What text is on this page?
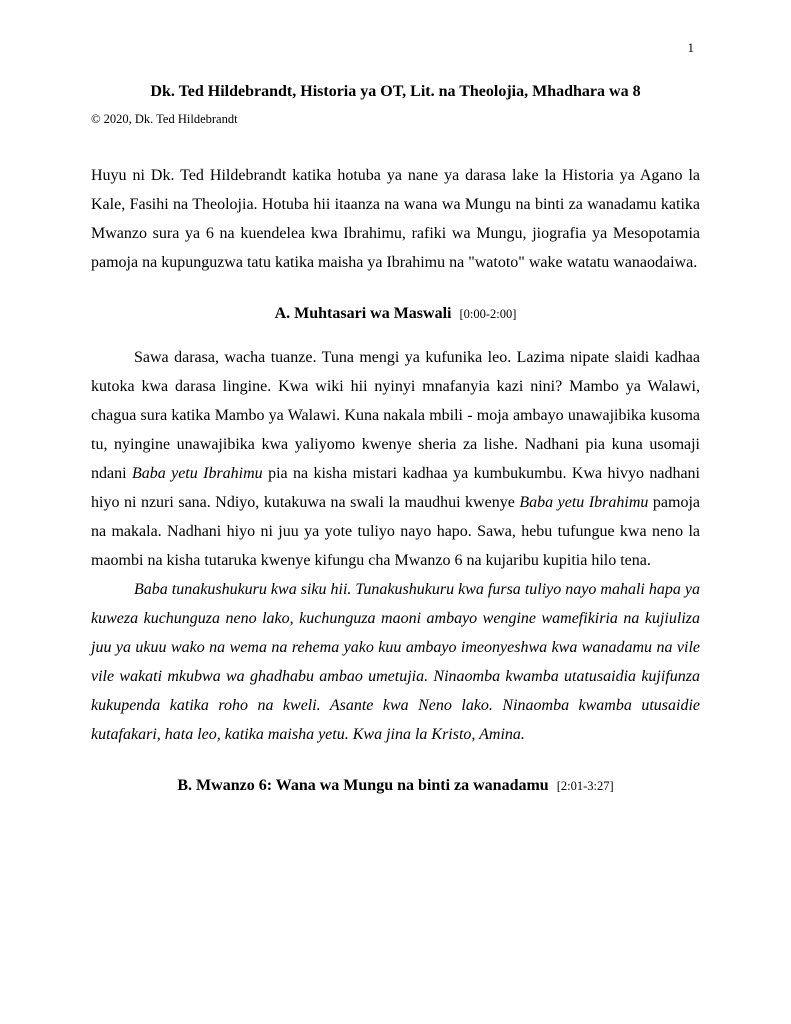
1
Dk. Ted Hildebrandt, Historia ya OT, Lit. na Theolojia, Mhadhara wa 8
© 2020, Dk. Ted Hildebrandt

Huyu ni Dk. Ted Hildebrandt katika hotuba ya nane ya darasa lake la Historia ya Agano la Kale, Fasihi na Theolojia. Hotuba hii itaanza na wana wa Mungu na binti za wanadamu katika Mwanzo sura ya 6 na kuendelea kwa Ibrahimu, rafiki wa Mungu, jiografia ya Mesopotamia pamoja na kupunguzwa tatu katika maisha ya Ibrahimu na "watoto" wake watatu wanaodaiwa.

A. Muhtasari wa Maswali [0:00-2:00]

Sawa darasa, wacha tuanze. Tuna mengi ya kufunika leo. Lazima nipate slaidi kadhaa kutoka kwa darasa lingine. Kwa wiki hii nyinyi mnafanyia kazi nini? Mambo ya Walawi, chagua sura katika Mambo ya Walawi. Kuna nakala mbili - moja ambayo unawajibika kusoma tu, nyingine unawajibika kwa yaliyomo kwenye sheria za lishe. Nadhani pia kuna usomaji ndani Baba yetu Ibrahimu pia na kisha mistari kadhaa ya kumbukumbu. Kwa hivyo nadhani hiyo ni nzuri sana. Ndiyo, kutakuwa na swali la maudhui kwenye Baba yetu Ibrahimu pamoja na makala. Nadhani hiyo ni juu ya yote tuliyo nayo hapo. Sawa, hebu tufungue kwa neno la maombi na kisha tutaruka kwenye kifungu cha Mwanzo 6 na kujaribu kupitia hilo tena.

Baba tunakushukuru kwa siku hii. Tunakushukuru kwa fursa tuliyo nayo mahali hapa ya kuweza kuchunguza neno lako, kuchunguza maoni ambayo wengine wamefikiria na kujiuliza juu ya ukuu wako na wema na rehema yako kuu ambayo imeonyeshwa kwa wanadamu na vile vile wakati mkubwa wa ghadhabu ambao umetujia. Ninaomba kwamba utatusaidia kujifunza kukupenda katika roho na kweli. Asante kwa Neno lako. Ninaomba kwamba utusaidie kutafakari, hata leo, katika maisha yetu. Kwa jina la Kristo, Amina.

B. Mwanzo 6: Wana wa Mungu na binti za wanadamu [2:01-3:27]
